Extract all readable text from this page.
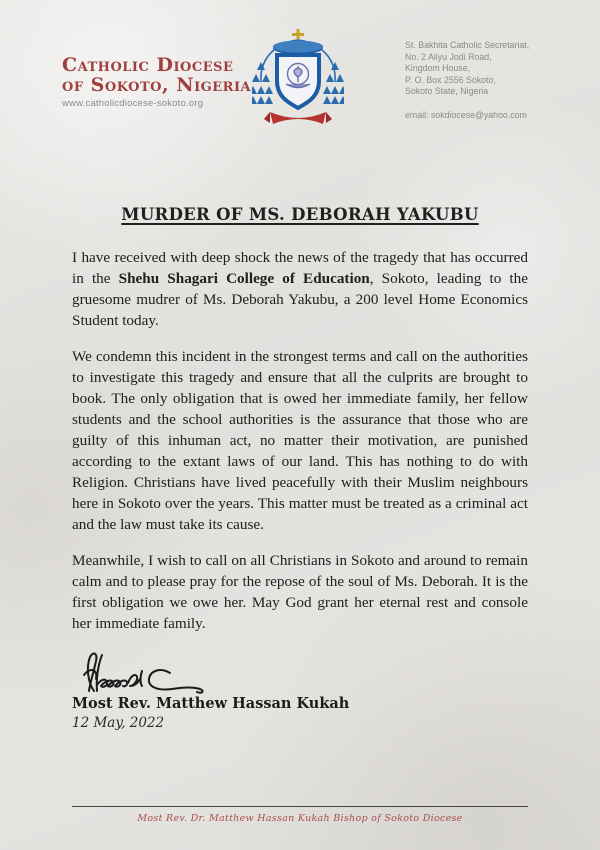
Catholic Diocese
of Sokoto, Nigeria
www.catholicdiocese-sokoto.org
St. Bakhita Catholic Secretariat,
No. 2 Aliyu Jodi Road,
Kingdom House,
P. O. Box 2556 Sokoto,
Sokoto State, Nigeria
email: sokdiocese@yahoo.com
MURDER OF MS. DEBORAH YAKUBU

I have received with deep shock the news of the tragedy that has occurred in the Shehu Shagari College of Education, Sokoto, leading to the gruesome mudrer of Ms. Deborah Yakubu, a 200 level Home Economics Student today.

We condemn this incident in the strongest terms and call on the authorities to investigate this tragedy and ensure that all the culprits are brought to book. The only obligation that is owed her immediate family, her fellow students and the school authorities is the assurance that those who are guilty of this inhuman act, no matter their motivation, are punished according to the extant laws of our land. This has nothing to do with Religion. Christians have lived peacefully with their Muslim neighbours here in Sokoto over the years. This matter must be treated as a criminal act and the law must take its cause.

Meanwhile, I wish to call on all Christians in Sokoto and around to remain calm and to please pray for the repose of the soul of Ms. Deborah. It is the first obligation we owe her. May God grant her eternal rest and console her immediate family.

Most Rev. Matthew Hassan Kukah
12 May, 2022
Most Rev. Dr. Matthew Hassan Kukah Bishop of Sokoto Diocese
